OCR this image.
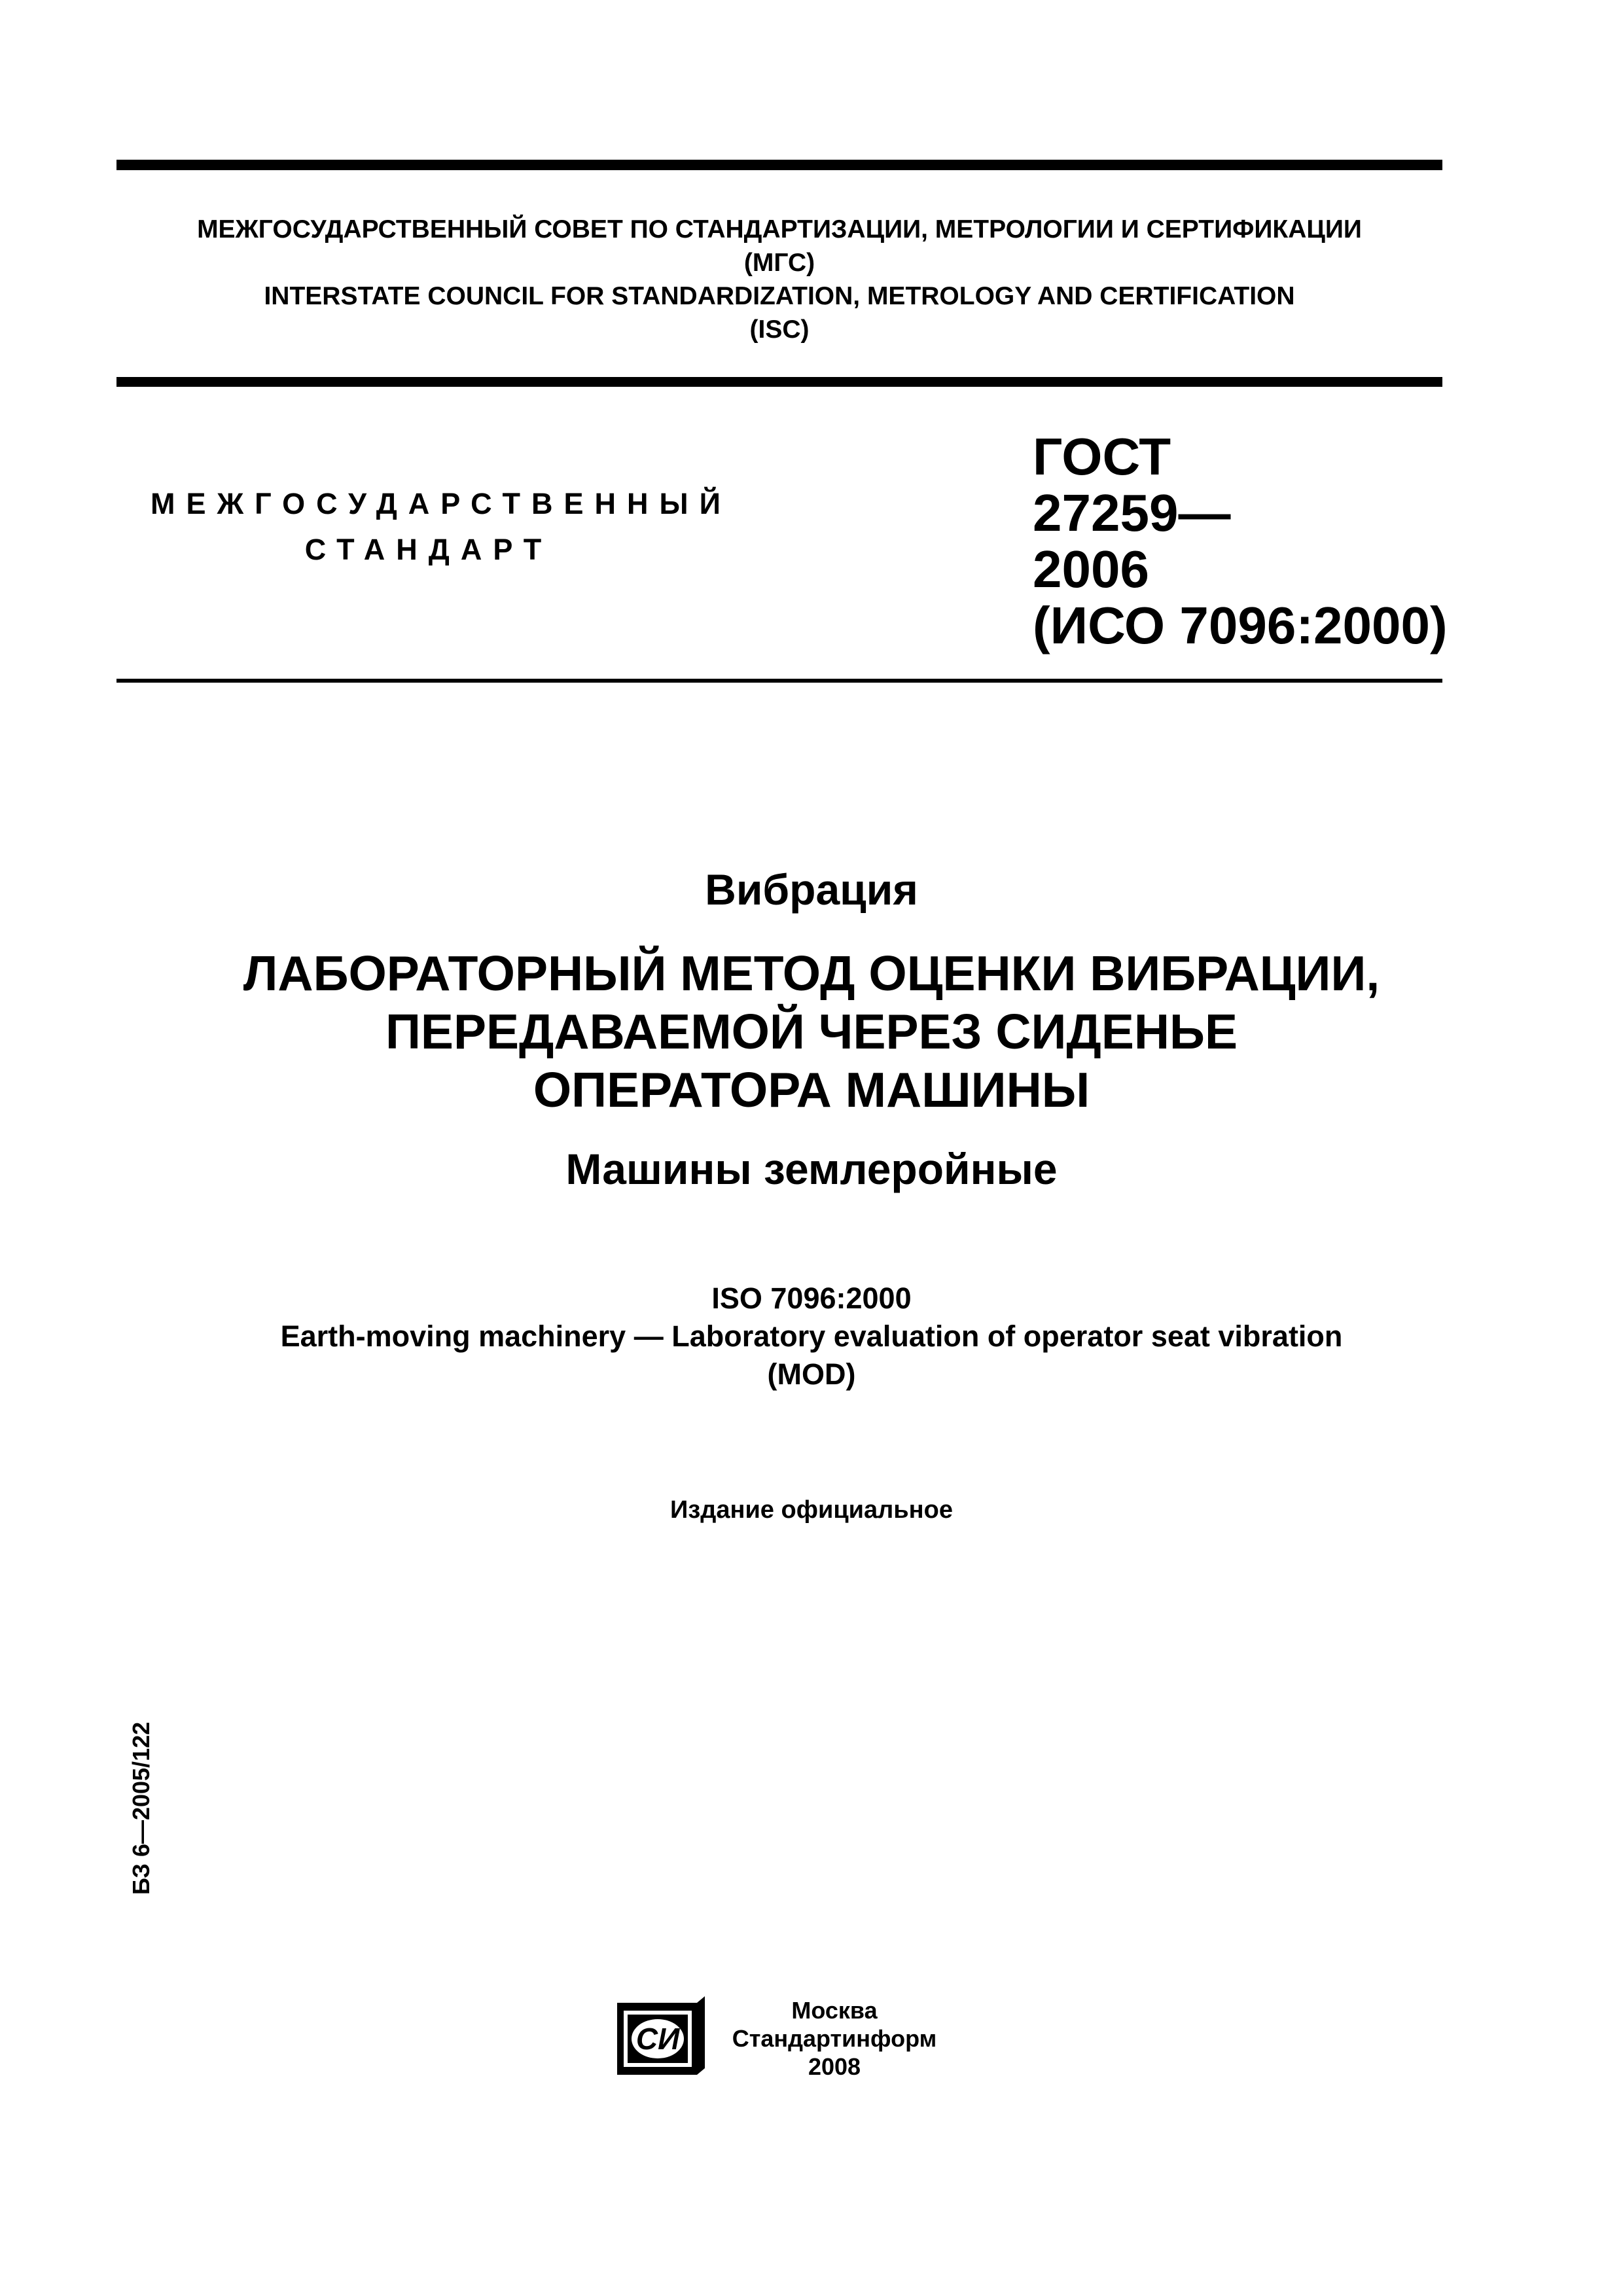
МЕЖГОСУДАРСТВЕННЫЙ СОВЕТ ПО СТАНДАРТИЗАЦИИ, МЕТРОЛОГИИ И СЕРТИФИКАЦИИ
(МГС)
INTERSTATE COUNCIL FOR STANDARDIZATION, METROLOGY AND CERTIFICATION
(ISC)
МЕЖГОСУДАРСТВЕННЫЙ
СТАНДАРТ
ГОСТ
27259—
2006
(ИСО 7096:2000)
Вибрация
ЛАБОРАТОРНЫЙ МЕТОД ОЦЕНКИ ВИБРАЦИИ,
ПЕРЕДАВАЕМОЙ ЧЕРЕЗ СИДЕНЬЕ
ОПЕРАТОРА МАШИНЫ
Машины землеройные
ISO 7096:2000
Earth-moving machinery — Laboratory evaluation of operator seat vibration
(MOD)
Издание официальное
БЗ 6—2005/122
СИ
Москва
Стандартинформ
2008
